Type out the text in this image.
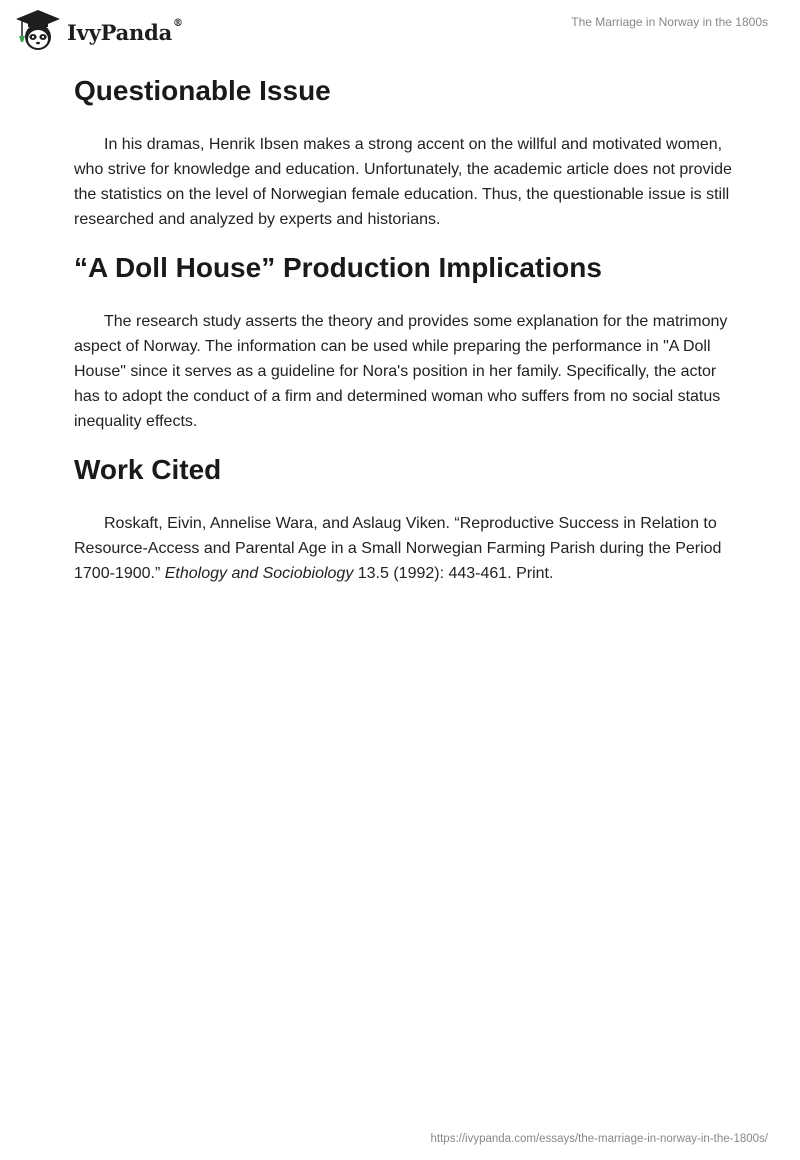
IvyPanda®	The Marriage in Norway in the 1800s
Questionable Issue

In his dramas, Henrik Ibsen makes a strong accent on the willful and motivated women, who strive for knowledge and education. Unfortunately, the academic article does not provide the statistics on the level of Norwegian female education. Thus, the questionable issue is still researched and analyzed by experts and historians.

“A Doll House” Production Implications

The research study asserts the theory and provides some explanation for the matrimony aspect of Norway. The information can be used while preparing the performance in "A Doll House" since it serves as a guideline for Nora's position in her family. Specifically, the actor has to adopt the conduct of a firm and determined woman who suffers from no social status inequality effects.

Work Cited

Roskaft, Eivin, Annelise Wara, and Aslaug Viken. “Reproductive Success in Relation to Resource-Access and Parental Age in a Small Norwegian Farming Parish during the Period 1700-1900.” Ethology and Sociobiology 13.5 (1992): 443-461. Print.

https://ivypanda.com/essays/the-marriage-in-norway-in-the-1800s/
